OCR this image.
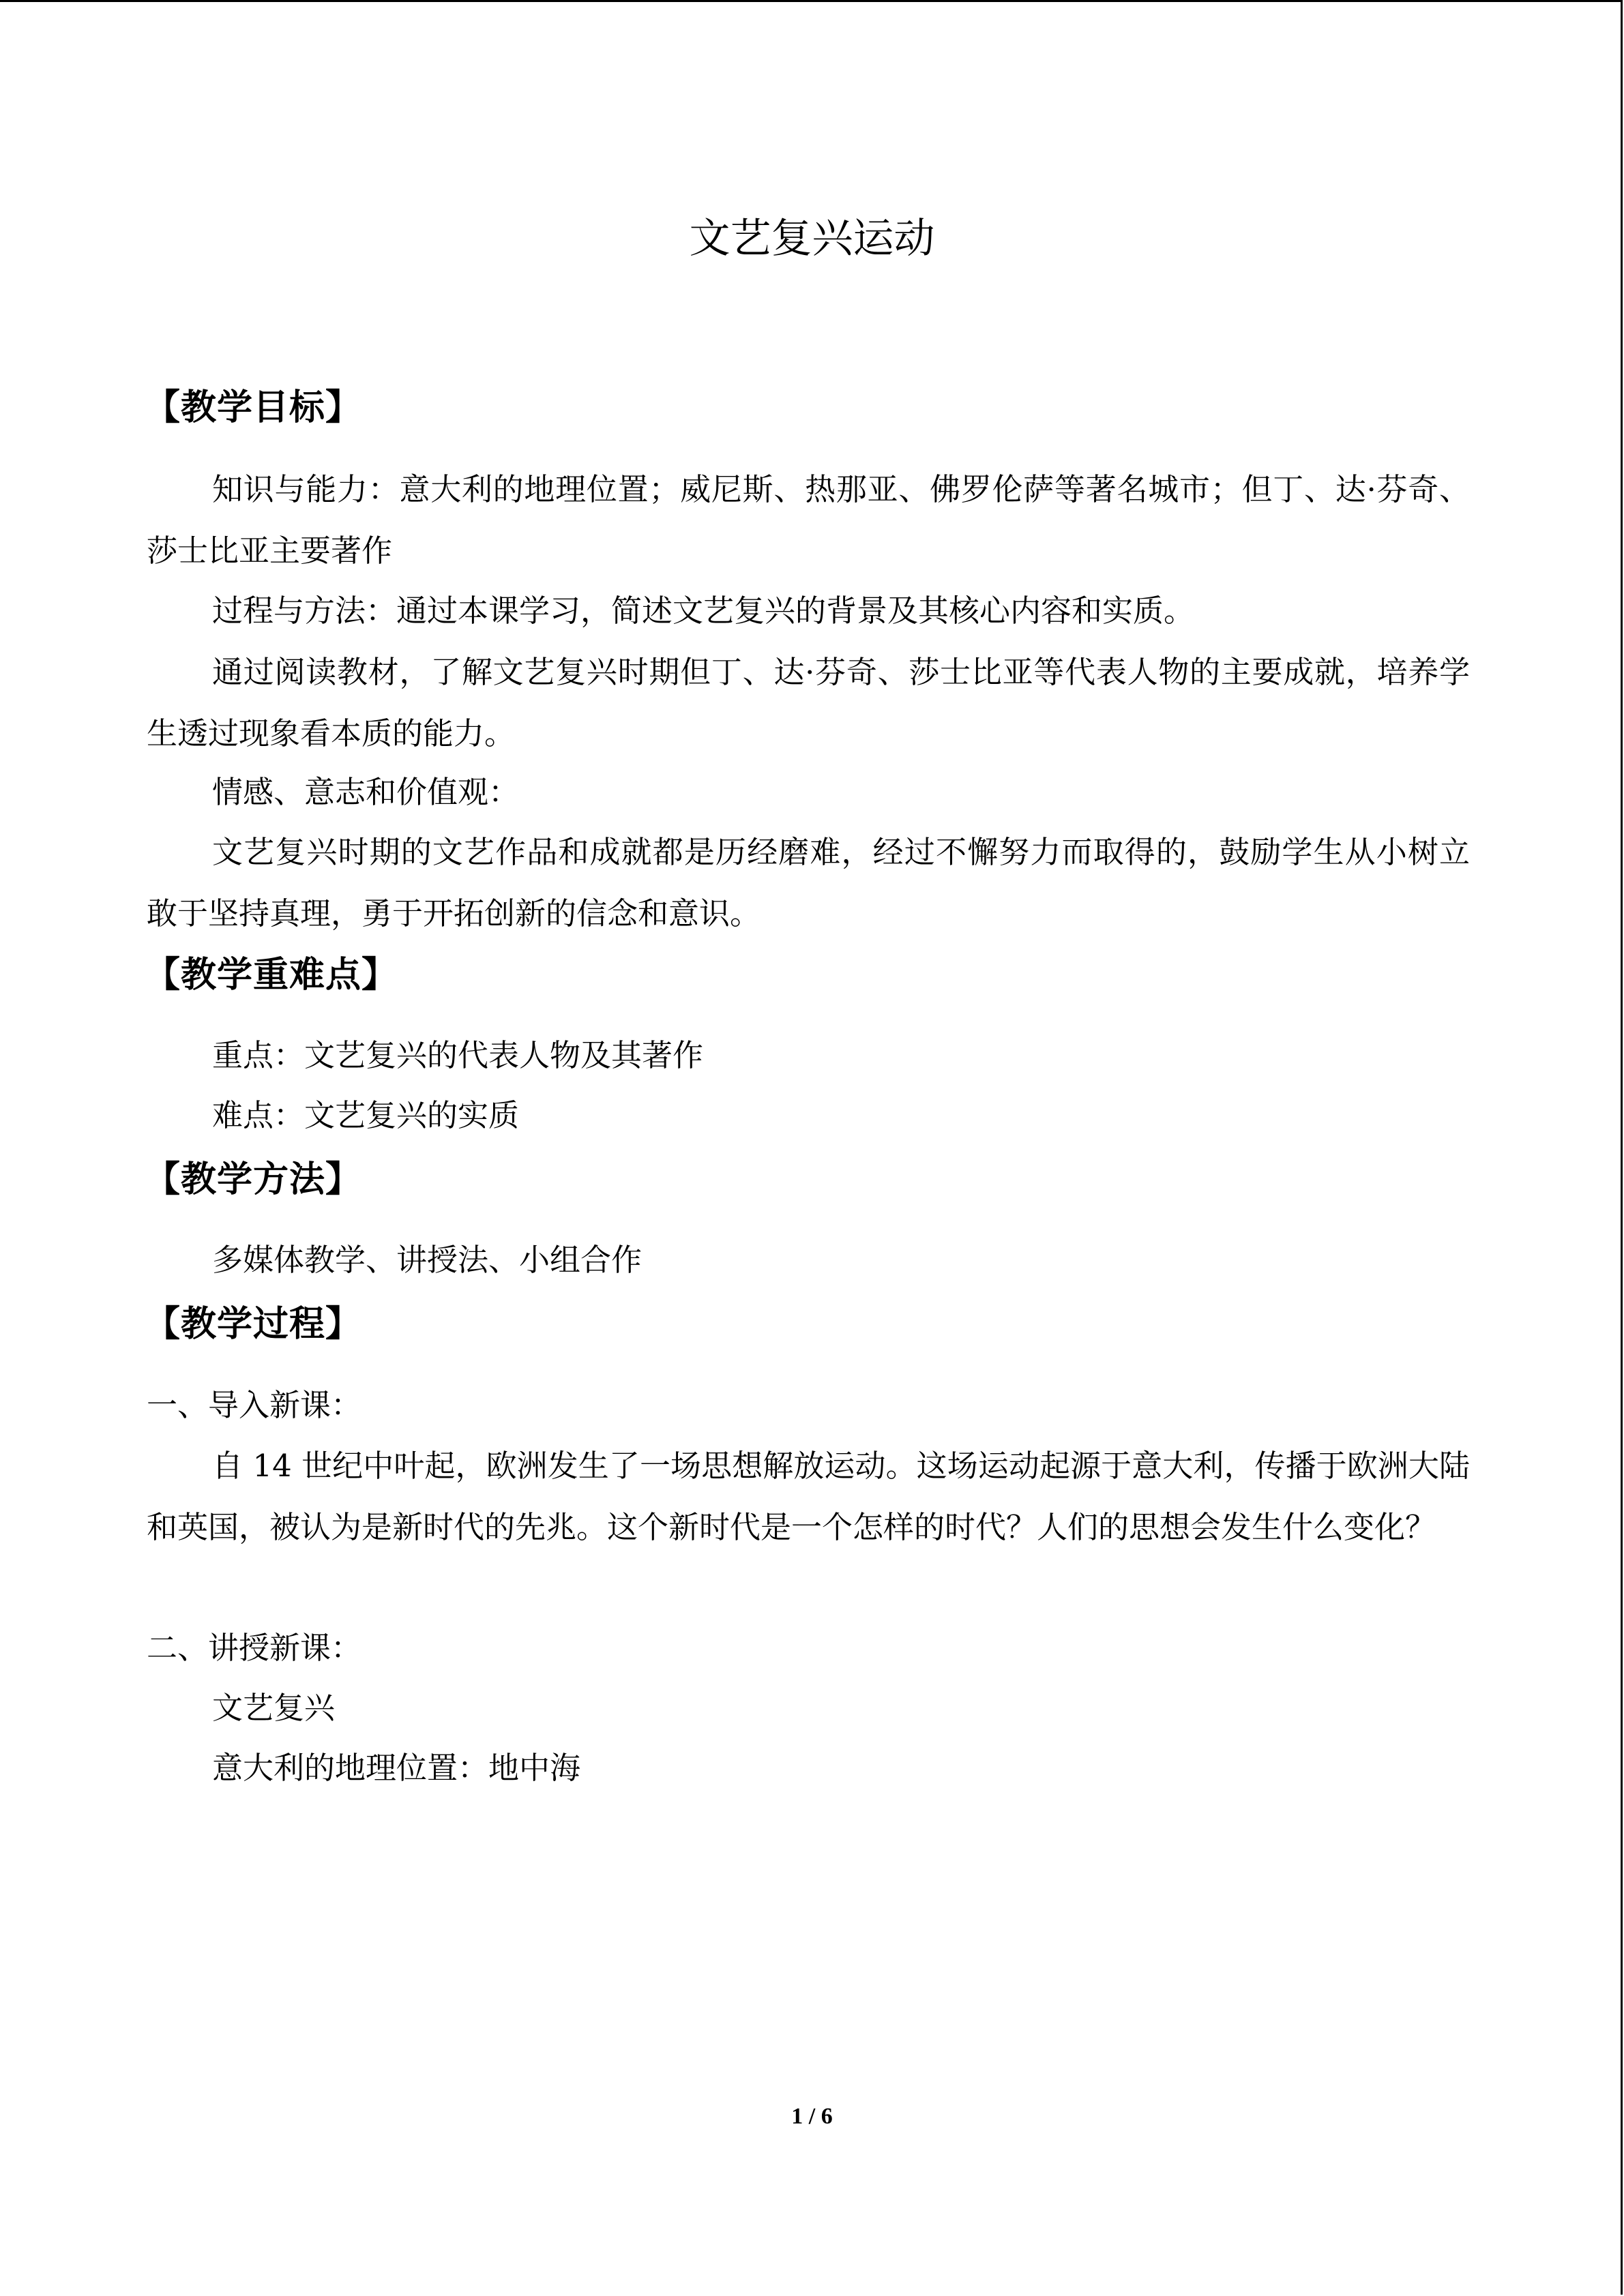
文艺复兴运动
【教学目标】
知识与能力：意大利的地理位置；威尼斯、热那亚、佛罗伦萨等著名城市；但丁、达·芬奇、莎士比亚主要著作
过程与方法：通过本课学习，简述文艺复兴的背景及其核心内容和实质。
通过阅读教材，了解文艺复兴时期但丁、达·芬奇、莎士比亚等代表人物的主要成就，培养学生透过现象看本质的能力。
情感、意志和价值观：
文艺复兴时期的文艺作品和成就都是历经磨难，经过不懈努力而取得的，鼓励学生从小树立敢于坚持真理，勇于开拓创新的信念和意识。
【教学重难点】
重点：文艺复兴的代表人物及其著作
难点：文艺复兴的实质
【教学方法】
多媒体教学、讲授法、小组合作
【教学过程】
一、导入新课：
自 14 世纪中叶起，欧洲发生了一场思想解放运动。这场运动起源于意大利，传播于欧洲大陆和英国，被认为是新时代的先兆。这个新时代是一个怎样的时代？人们的思想会发生什么变化？
二、讲授新课：
文艺复兴
意大利的地理位置：地中海
1 / 6
